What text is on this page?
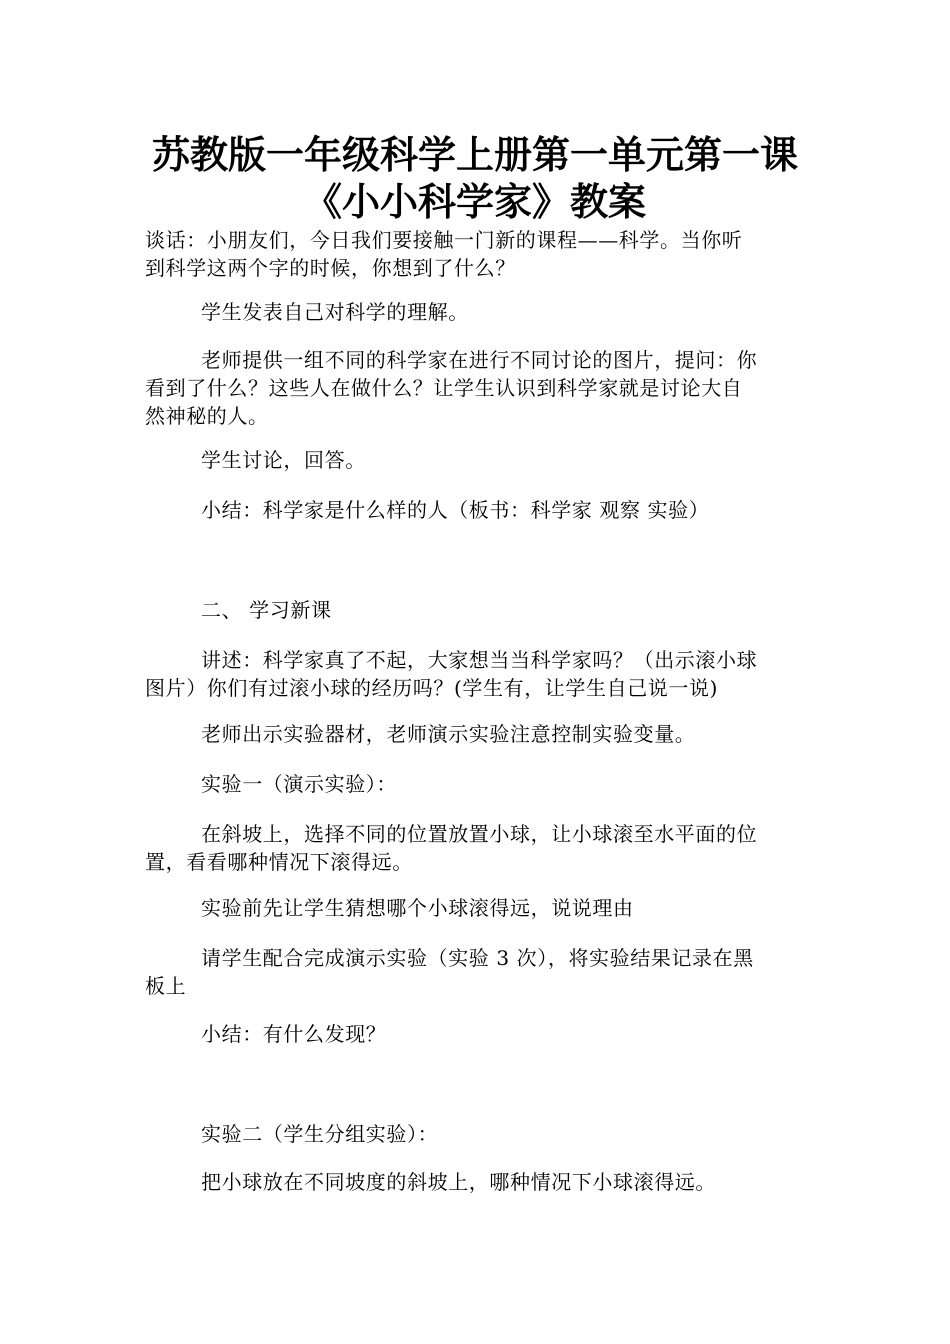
苏教版一年级科学上册第一单元第一课
《小小科学家》教案
谈话：小朋友们，今日我们要接触一门新的课程——科学。当你听
到科学这两个字的时候，你想到了什么？
学生发表自己对科学的理解。
老师提供一组不同的科学家在进行不同讨论的图片，提问：你
看到了什么？这些人在做什么？让学生认识到科学家就是讨论大自
然神秘的人。
学生讨论，回答。
小结：科学家是什么样的人（板书：科学家 观察 实验）
二、 学习新课
讲述：科学家真了不起，大家想当当科学家吗？（出示滚小球
图片）你们有过滚小球的经历吗？(学生有，让学生自己说一说)
老师出示实验器材，老师演示实验注意控制实验变量。
实验一（演示实验）：
在斜坡上，选择不同的位置放置小球，让小球滚至水平面的位
置，看看哪种情况下滚得远。
实验前先让学生猜想哪个小球滚得远，说说理由
请学生配合完成演示实验（实验 3 次），将实验结果记录在黑
板上
小结：有什么发现？
实验二（学生分组实验）：
把小球放在不同坡度的斜坡上，哪种情况下小球滚得远。
